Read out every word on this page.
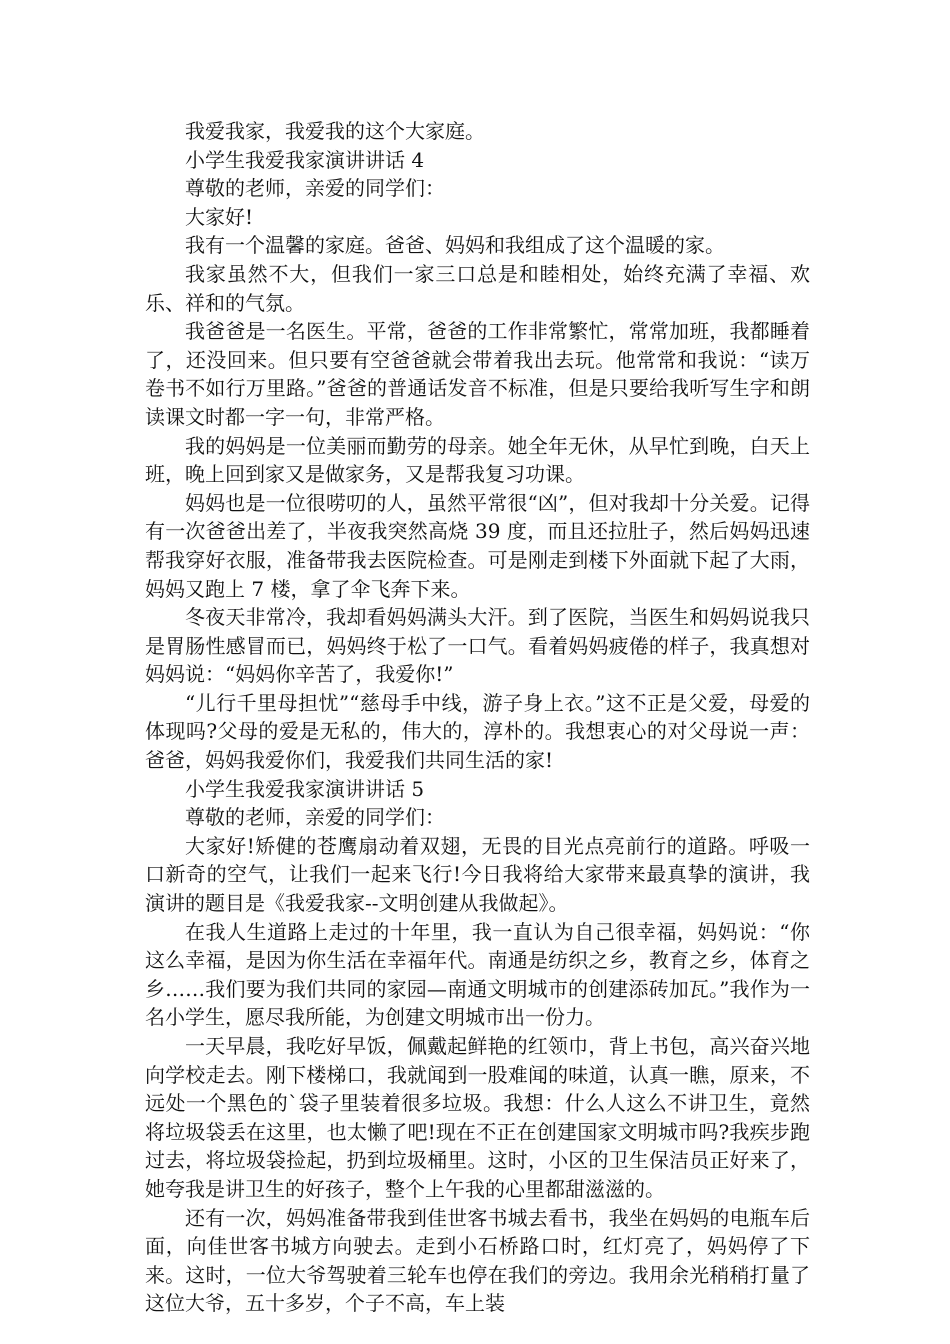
我爱我家，我爱我的这个大家庭。

小学生我爱我家演讲讲话 4

尊敬的老师，亲爱的同学们：

大家好!

我有一个温馨的家庭。爸爸、妈妈和我组成了这个温暖的家。

我家虽然不大，但我们一家三口总是和睦相处，始终充满了幸福、欢乐、祥和的气氛。

我爸爸是一名医生。平常，爸爸的工作非常繁忙，常常加班，我都睡着了，还没回来。但只要有空爸爸就会带着我出去玩。他常常和我说：“读万卷书不如行万里路。”爸爸的普通话发音不标准，但是只要给我听写生字和朗读课文时都一字一句，非常严格。

我的妈妈是一位美丽而勤劳的母亲。她全年无休，从早忙到晚，白天上班，晚上回到家又是做家务，又是帮我复习功课。

妈妈也是一位很唠叨的人，虽然平常很“凶”，但对我却十分关爱。记得有一次爸爸出差了，半夜我突然高烧 39 度，而且还拉肚子，然后妈妈迅速帮我穿好衣服，准备带我去医院检查。可是刚走到楼下外面就下起了大雨，妈妈又跑上 7 楼，拿了伞飞奔下来。

冬夜天非常冷，我却看妈妈满头大汗。到了医院，当医生和妈妈说我只是胃肠性感冒而已，妈妈终于松了一口气。看着妈妈疲倦的样子，我真想对妈妈说：“妈妈你辛苦了，我爱你!”

“儿行千里母担忧”“慈母手中线，游子身上衣。”这不正是父爱，母爱的体现吗?父母的爱是无私的，伟大的，淳朴的。我想衷心的对父母说一声：爸爸，妈妈我爱你们，我爱我们共同生活的家!

小学生我爱我家演讲讲话 5

尊敬的老师，亲爱的同学们：

大家好!矫健的苍鹰扇动着双翅，无畏的目光点亮前行的道路。呼吸一口新奇的空气，让我们一起来飞行!今日我将给大家带来最真挚的演讲，我演讲的题目是《我爱我家--文明创建从我做起》。

在我人生道路上走过的十年里，我一直认为自己很幸福，妈妈说：“你这么幸福，是因为你生活在幸福年代。南通是纺织之乡，教育之乡，体育之乡……我们要为我们共同的家园—南通文明城市的创建添砖加瓦。”我作为一名小学生，愿尽我所能，为创建文明城市出一份力。

一天早晨，我吃好早饭，佩戴起鲜艳的红领巾，背上书包，高兴奋兴地向学校走去。刚下楼梯口，我就闻到一股难闻的味道，认真一瞧，原来，不远处一个黑色的`袋子里装着很多垃圾。我想：什么人这么不讲卫生，竟然将垃圾袋丢在这里，也太懒了吧!现在不正在创建国家文明城市吗?我疾步跑过去，将垃圾袋捡起，扔到垃圾桶里。这时，小区的卫生保洁员正好来了，她夸我是讲卫生的好孩子，整个上午我的心里都甜滋滋的。

还有一次，妈妈准备带我到佳世客书城去看书，我坐在妈妈的电瓶车后面，向佳世客书城方向驶去。走到小石桥路口时，红灯亮了，妈妈停了下来。这时，一位大爷驾驶着三轮车也停在我们的旁边。我用余光稍稍打量了这位大爷，五十多岁，个子不高，车上装
